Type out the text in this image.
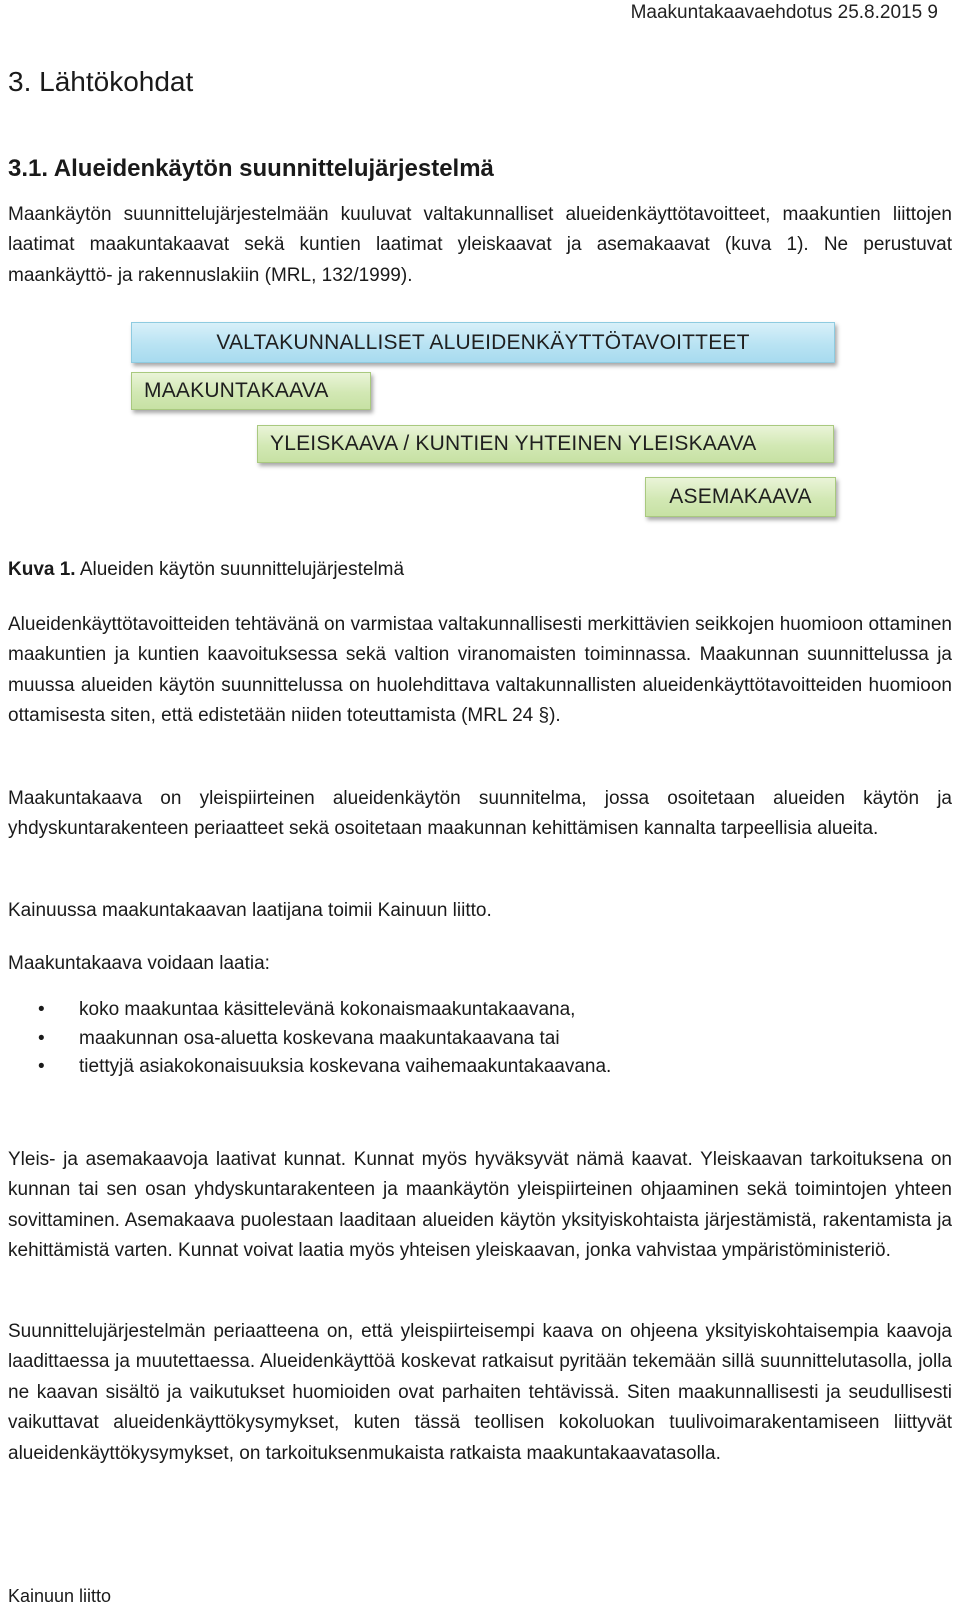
Maakuntakaavaehdotus 25.8.2015 9
3. Lähtökohdat
3.1. Alueidenkäytön suunnittelujärjestelmä

Maankäytön suunnittelujärjestelmään kuuluvat valtakunnalliset alueidenkäyttötavoitteet, maakuntien liittojen laatimat maakuntakaavat sekä kuntien laatimat yleiskaavat ja asemakaavat (kuva 1). Ne perustuvat maankäyttö- ja rakennuslakiin (MRL, 132/1999).

VALTAKUNNALLISET ALUEIDENKÄYTTÖTAVOITTEET
MAAKUNTAKAAVA
YLEISKAAVA / KUNTIEN YHTEINEN YLEISKAAVA
ASEMAKAAVA
Kuva 1. Alueiden käytön suunnittelujärjestelmä

Alueidenkäyttötavoitteiden tehtävänä on varmistaa valtakunnallisesti merkittävien seikkojen huomioon ottaminen maakuntien ja kuntien kaavoituksessa sekä valtion viranomaisten toiminnassa. Maakunnan suunnittelussa ja muussa alueiden käytön suunnittelussa on huolehdittava valtakunnallisten alueidenkäyttötavoitteiden huomioon ottamisesta siten, että edistetään niiden toteuttamista (MRL 24 §).

Maakuntakaava on yleispiirteinen alueidenkäytön suunnitelma, jossa osoitetaan alueiden käytön ja yhdyskuntarakenteen periaatteet sekä osoitetaan maakunnan kehittämisen kannalta tarpeellisia alueita.

Kainuussa maakuntakaavan laatijana toimii Kainuun liitto.

Maakuntakaava voidaan laatia:

• koko maakuntaa käsittelevänä kokonaismaakuntakaavana,
• maakunnan osa-aluetta koskevana maakuntakaavana tai
• tiettyjä asiakokonaisuuksia koskevana vaihemaakuntakaavana.

Yleis- ja asemakaavoja laativat kunnat. Kunnat myös hyväksyvät nämä kaavat. Yleiskaavan tarkoituksena on kunnan tai sen osan yhdyskuntarakenteen ja maankäytön yleispiirteinen ohjaaminen sekä toimintojen yhteen sovittaminen. Asemakaava puolestaan laaditaan alueiden käytön yksityiskohtaista järjestämistä, rakentamista ja kehittämistä varten. Kunnat voivat laatia myös yhteisen yleiskaavan, jonka vahvistaa ympäristöministeriö.

Suunnittelujärjestelmän periaatteena on, että yleispiirteisempi kaava on ohjeena yksityiskohtaisempia kaavoja laadittaessa ja muutettaessa. Alueidenkäyttöä koskevat ratkaisut pyritään tekemään sillä suunnittelutasolla, jolla ne kaavan sisältö ja vaikutukset huomioiden ovat parhaiten tehtävissä. Siten maakunnallisesti ja seudullisesti vaikuttavat alueidenkäyttökysymykset, kuten tässä teollisen kokoluokan tuulivoimarakentamiseen liittyvät alueidenkäyttökysymykset, on tarkoituksenmukaista ratkaista maakuntakaavatasolla.

Kainuun liitto
